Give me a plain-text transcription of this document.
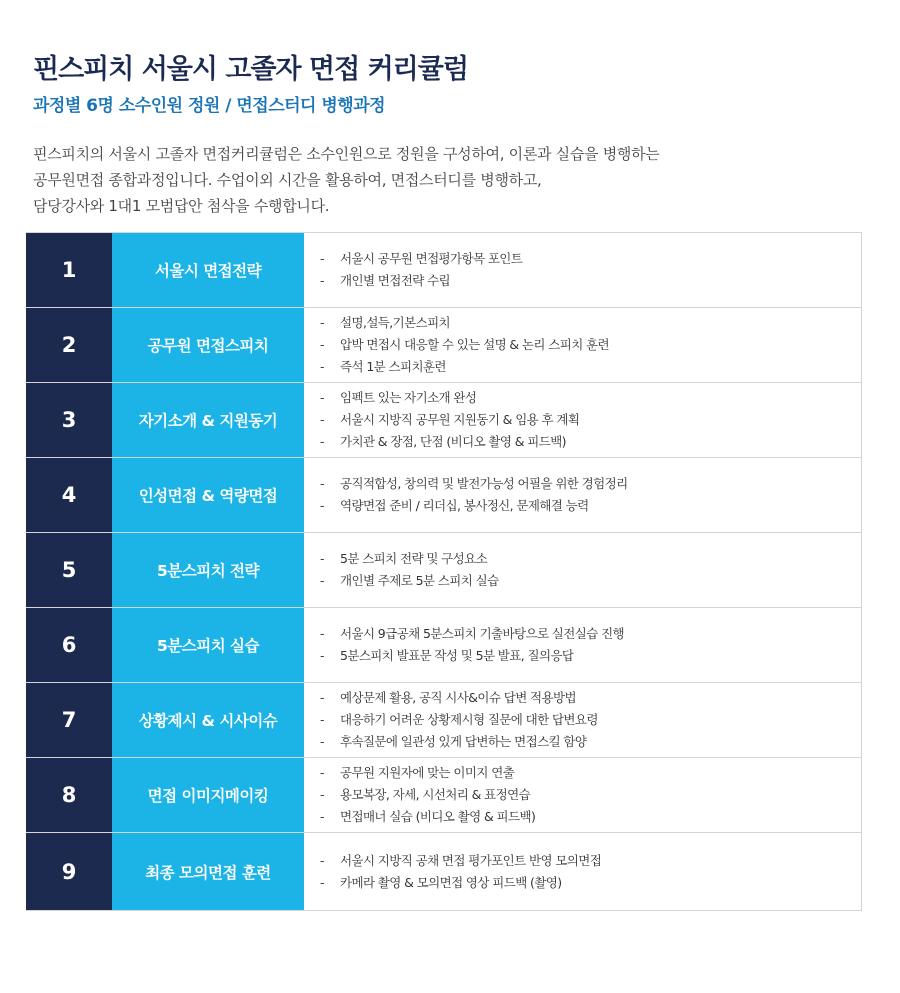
핀스피치 서울시 고졸자 면접 커리큘럼
과정별 6명 소수인원 정원 / 면접스터디 병행과정
핀스피치의 서울시 고졸자 면접커리큘럼은 소수인원으로 정원을 구성하여, 이론과 실습을 병행하는
공무원면접 종합과정입니다. 수업이외 시간을 활용하여, 면접스터디를 병행하고,
담당강사와 1대1 모범답안 첨삭을 수행합니다.
1	서울시 면접전략
-	서울시 공무원 면접평가항목 포인트
-	개인별 면접전략 수립
2	공무원 면접스피치
-	설명,설득,기본스피치
-	압박 면접시 대응할 수 있는 설명 & 논리 스피치 훈련
-	즉석 1분 스피치훈련
3	자기소개 & 지원동기
-	임펙트 있는 자기소개 완성
-	서울시 지방직 공무원 지원동기 & 임용 후 계획
-	가치관 & 장점, 단점 (비디오 촬영 & 피드백)
4	인성면접 & 역량면접
-	공직적합성, 창의력 및 발전가능성 어필을 위한 경험정리
-	역량면접 준비 / 리더십, 봉사정신, 문제해결 능력
5	5분스피치 전략
-	5분 스피치 전략 및 구성요소
-	개인별 주제로 5분 스피치 실습
6	5분스피치 실습
-	서울시 9급공채 5분스피치 기출바탕으로 실전실습 진행
-	5분스피치 발표문 작성 및 5분 발표, 질의응답
7	상황제시 & 시사이슈
-	예상문제 활용, 공직 시사&이슈 답변 적용방법
-	대응하기 어려운 상황제시형 질문에 대한 답변요령
-	후속질문에 일관성 있게 답변하는 면접스킬 함양
8	면접 이미지메이킹
-	공무원 지원자에 맞는 이미지 연출
-	용모복장, 자세, 시선처리 & 표정연습
-	면접매너 실습 (비디오 촬영 & 피드백)
9	최종 모의면접 훈련
-	서울시 지방직 공채 면접 평가포인트 반영 모의면접
-	카메라 촬영 & 모의면접 영상 피드백 (촬영)
